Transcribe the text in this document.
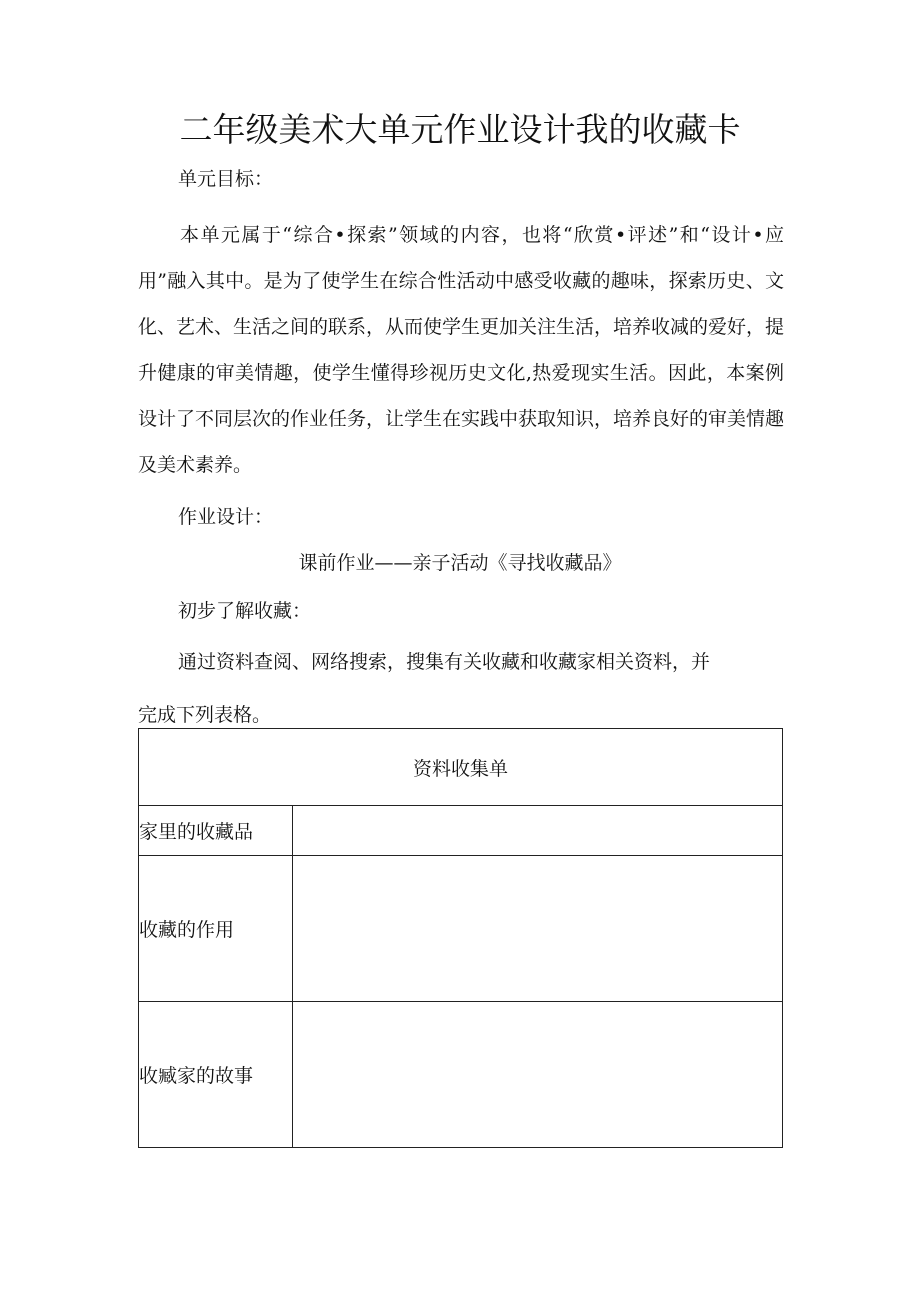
二年级美术大单元作业设计我的收藏卡
单元目标：
本单元属于“综合•探索”领域的内容，也将“欣赏•评述”和“设计•应用”融入其中。是为了使学生在综合性活动中感受收藏的趣味，探索历史、文化、艺术、生活之间的联系，从而使学生更加关注生活，培养收减的爱好，提升健康的审美情趣，使学生懂得珍视历史文化,热爱现实生活。因此，本案例设计了不同层次的作业任务，让学生在实践中获取知识，培养良好的审美情趣及美术素养。
作业设计：
课前作业——亲子活动《寻找收藏品》
初步了解收藏：
通过资料查阅、网络搜索，搜集有关收藏和收藏家相关资料，并
完成下列表格。
资料收集单	
家里的收藏品	
收藏的作用	
收臧家的故事	
